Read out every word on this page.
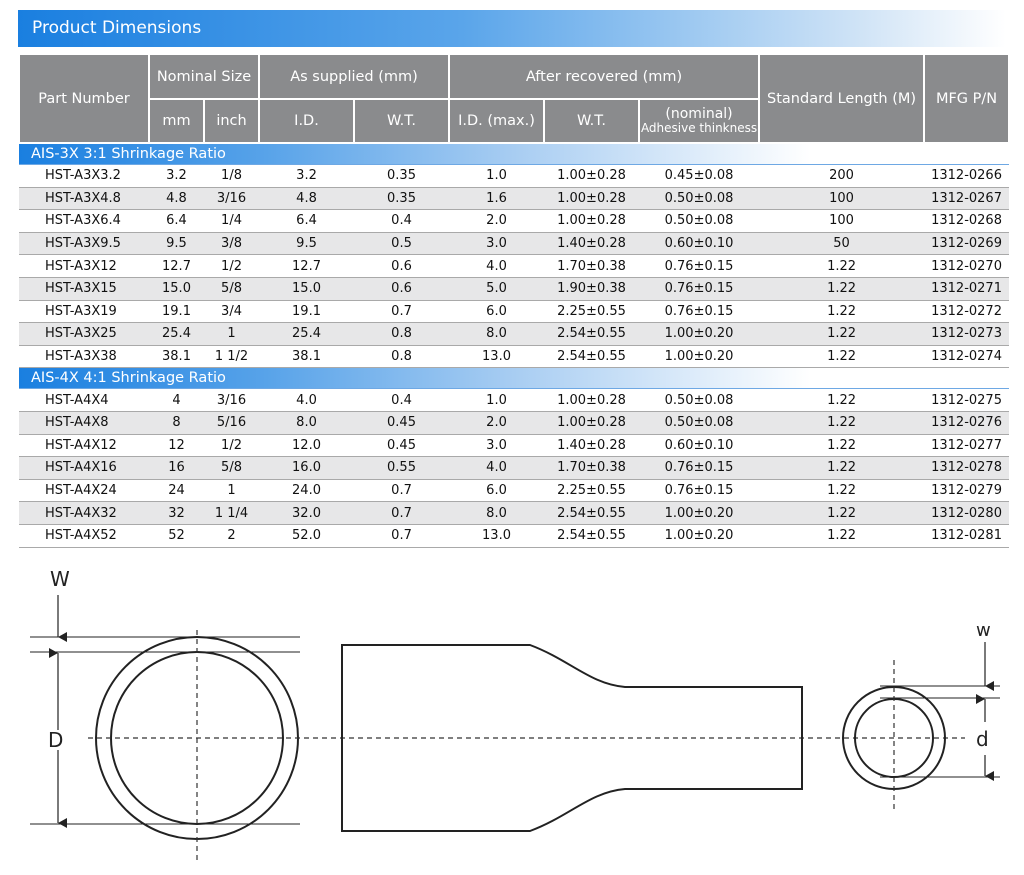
Product Dimensions
Part Number	Nominal Size		As supplied (mm)		After recovered (mm)			Standard Length (M)	MFG P/N
	mm	inch	I.D.	W.T.	I.D. (max.)	W.T.	(nominal)
Adhesive thinkness		

AIS-3X 3:1 Shrinkage Ratio									
HST-A3X3.2	3.2	1/8	3.2	0.35	1.0	1.00±0.28	0.45±0.08	200	1312-0266
HST-A3X4.8	4.8	3/16	4.8	0.35	1.6	1.00±0.28	0.50±0.08	100	1312-0267
HST-A3X6.4	6.4	1/4	6.4	0.4	2.0	1.00±0.28	0.50±0.08	100	1312-0268
HST-A3X9.5	9.5	3/8	9.5	0.5	3.0	1.40±0.28	0.60±0.10	50	1312-0269
HST-A3X12	12.7	1/2	12.7	0.6	4.0	1.70±0.38	0.76±0.15	1.22	1312-0270
HST-A3X15	15.0	5/8	15.0	0.6	5.0	1.90±0.38	0.76±0.15	1.22	1312-0271
HST-A3X19	19.1	3/4	19.1	0.7	6.0	2.25±0.55	0.76±0.15	1.22	1312-0272
HST-A3X25	25.4	1	25.4	0.8	8.0	2.54±0.55	1.00±0.20	1.22	1312-0273
HST-A3X38	38.1	1 1/2	38.1	0.8	13.0	2.54±0.55	1.00±0.20	1.22	1312-0274
AIS-4X 4:1 Shrinkage Ratio									
HST-A4X4	4	3/16	4.0	0.4	1.0	1.00±0.28	0.50±0.08	1.22	1312-0275
HST-A4X8	8	5/16	8.0	0.45	2.0	1.00±0.28	0.50±0.08	1.22	1312-0276
HST-A4X12	12	1/2	12.0	0.45	3.0	1.40±0.28	0.60±0.10	1.22	1312-0277
HST-A4X16	16	5/8	16.0	0.55	4.0	1.70±0.38	0.76±0.15	1.22	1312-0278
HST-A4X24	24	1	24.0	0.7	6.0	2.25±0.55	0.76±0.15	1.22	1312-0279
HST-A4X32	32	1 1/4	32.0	0.7	8.0	2.54±0.55	1.00±0.20	1.22	1312-0280
HST-A4X52	52	2	52.0	0.7	13.0	2.54±0.55	1.00±0.20	1.22	1312-0281
W
D
w
d
